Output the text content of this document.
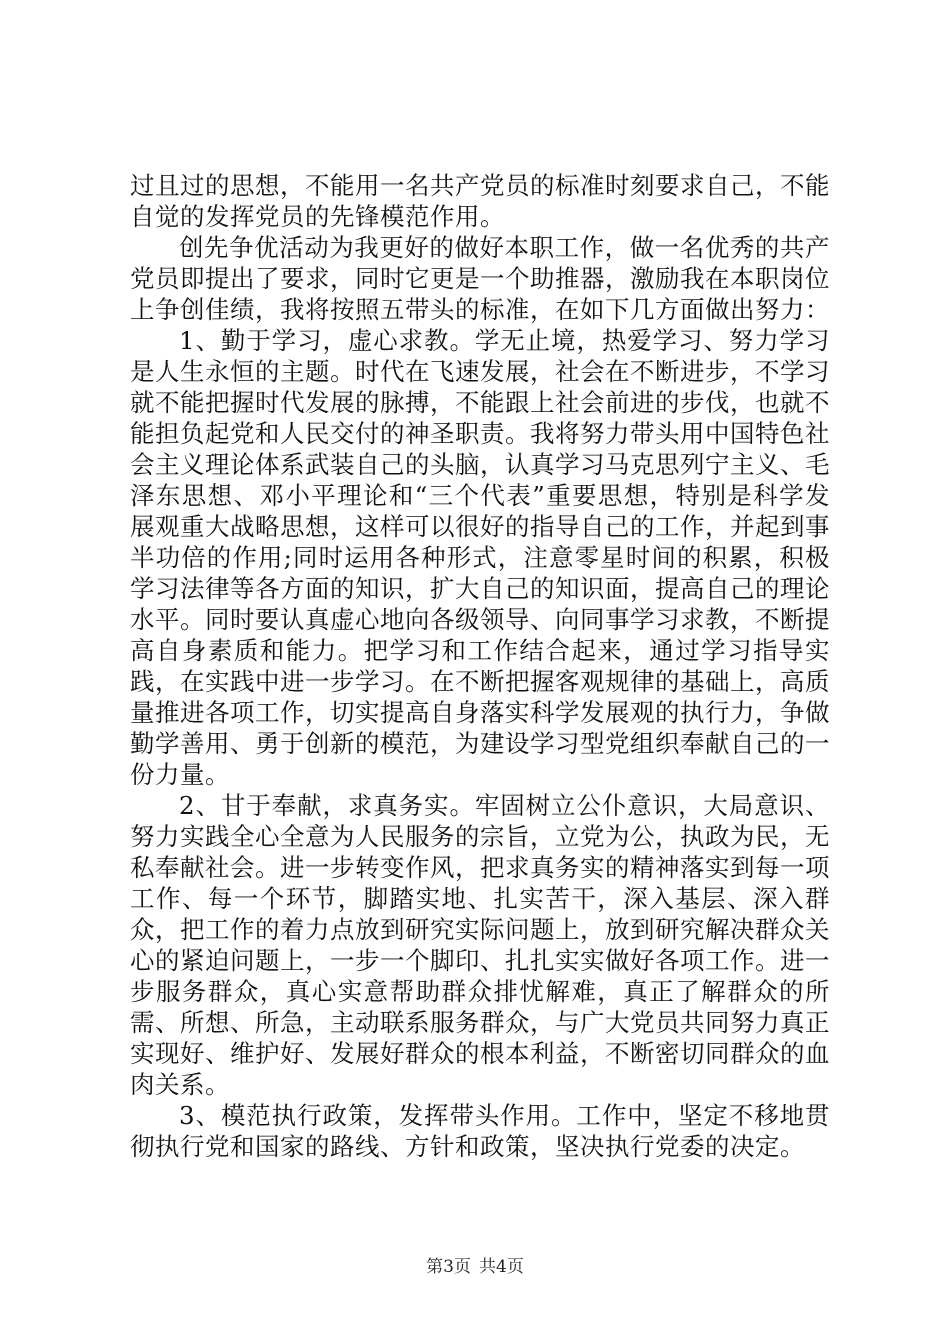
过且过的思想，不能用一名共产党员的标准时刻要求自己，不能自觉的发挥党员的先锋模范作用。

创先争优活动为我更好的做好本职工作，做一名优秀的共产党员即提出了要求，同时它更是一个助推器，激励我在本职岗位上争创佳绩，我将按照五带头的标准，在如下几方面做出努力：

1、勤于学习，虚心求教。学无止境，热爱学习、努力学习是人生永恒的主题。时代在飞速发展，社会在不断进步，不学习就不能把握时代发展的脉搏，不能跟上社会前进的步伐，也就不能担负起党和人民交付的神圣职责。我将努力带头用中国特色社会主义理论体系武装自己的头脑，认真学习马克思列宁主义、毛泽东思想、邓小平理论和“三个代表”重要思想，特别是科学发展观重大战略思想，这样可以很好的指导自己的工作，并起到事半功倍的作用;同时运用各种形式，注意零星时间的积累，积极学习法律等各方面的知识，扩大自己的知识面，提高自己的理论水平。同时要认真虚心地向各级领导、向同事学习求教，不断提高自身素质和能力。把学习和工作结合起来，通过学习指导实践，在实践中进一步学习。在不断把握客观规律的基础上，高质量推进各项工作，切实提高自身落实科学发展观的执行力，争做勤学善用、勇于创新的模范，为建设学习型党组织奉献自己的一份力量。

2、甘于奉献，求真务实。牢固树立公仆意识，大局意识、努力实践全心全意为人民服务的宗旨，立党为公，执政为民，无私奉献社会。进一步转变作风，把求真务实的精神落实到每一项工作、每一个环节，脚踏实地、扎实苦干，深入基层、深入群众，把工作的着力点放到研究实际问题上，放到研究解决群众关心的紧迫问题上，一步一个脚印、扎扎实实做好各项工作。进一步服务群众，真心实意帮助群众排忧解难，真正了解群众的所需、所想、所急，主动联系服务群众，与广大党员共同努力真正实现好、维护好、发展好群众的根本利益，不断密切同群众的血肉关系。

3、模范执行政策，发挥带头作用。工作中，坚定不移地贯彻执行党和国家的路线、方针和政策，坚决执行党委的决定。

第3页 共4页
